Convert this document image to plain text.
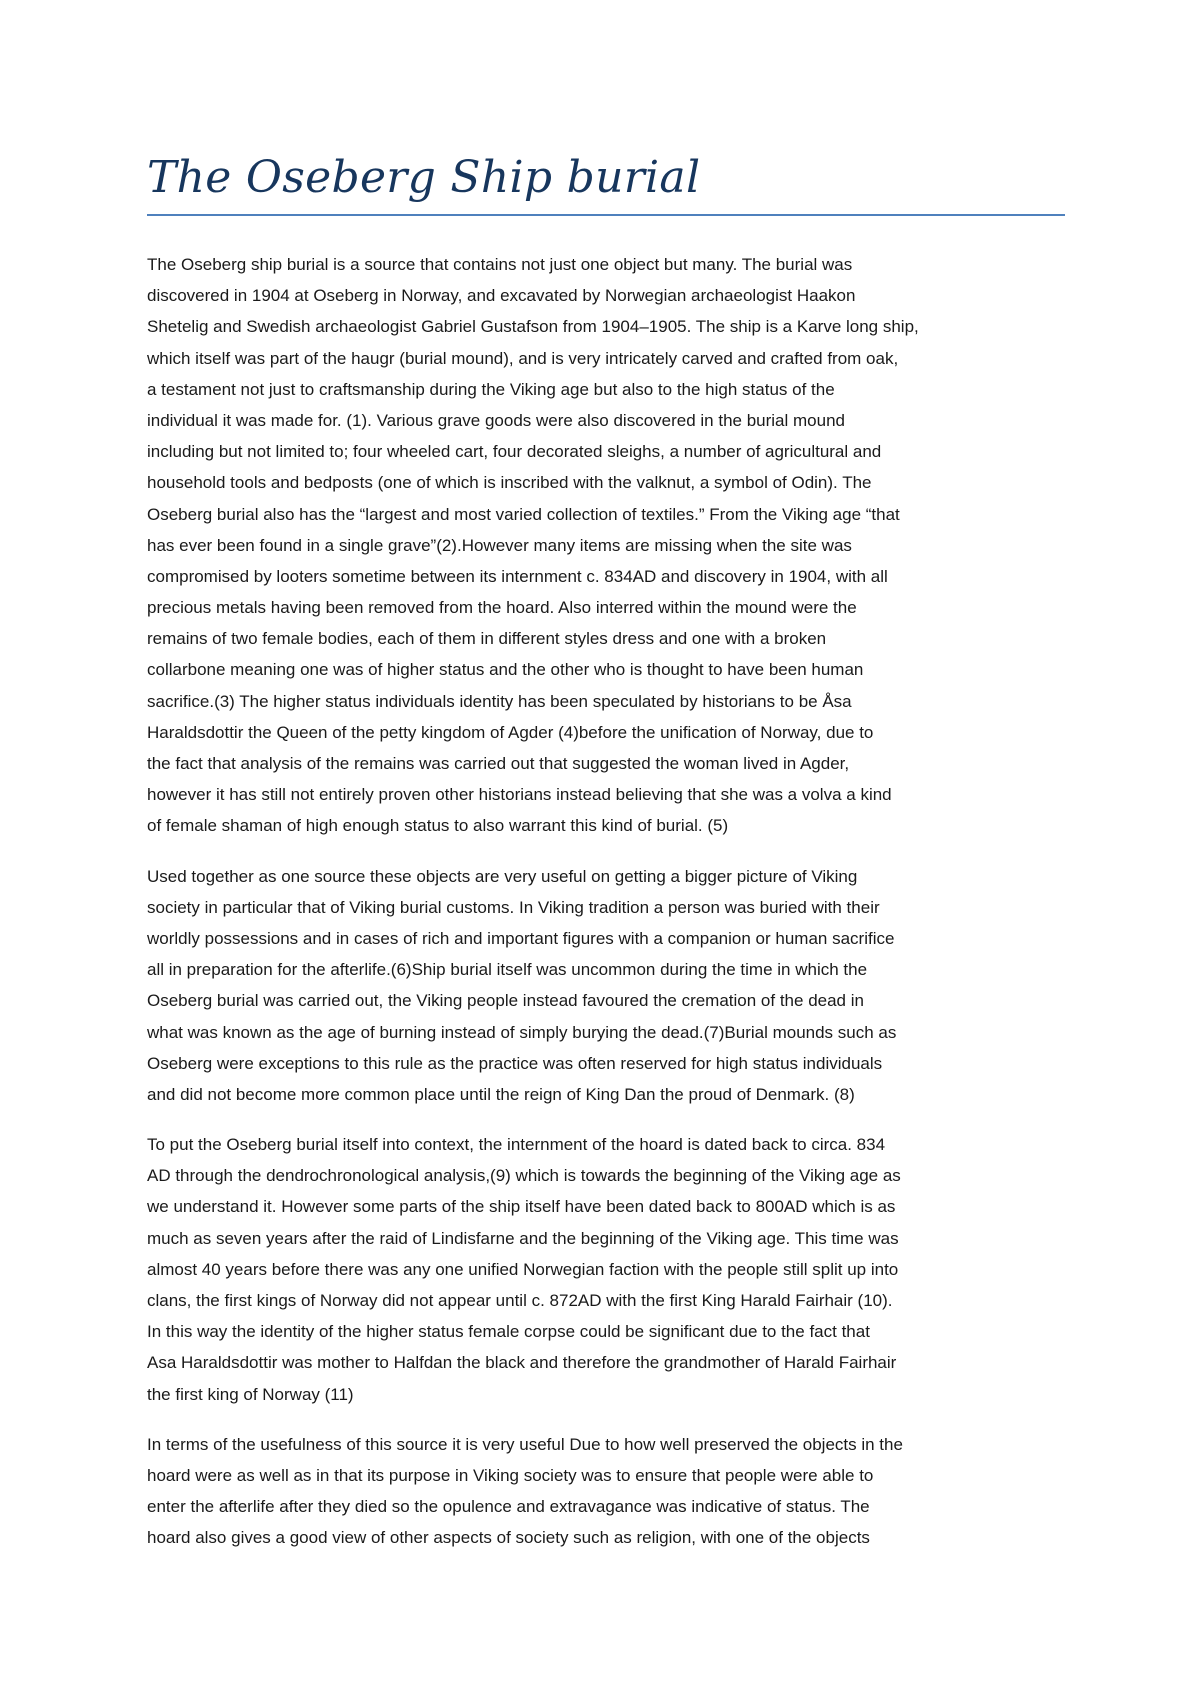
The Oseberg Ship burial
The Oseberg ship burial is a source that contains not just one object but many. The burial was
discovered in 1904 at Oseberg in Norway, and excavated by Norwegian archaeologist Haakon
Shetelig and Swedish archaeologist Gabriel Gustafson from 1904–1905. The ship is a Karve long ship,
which itself was part of the haugr (burial mound), and is very intricately carved and crafted from oak,
a testament not just to craftsmanship during the Viking age but also to the high status of the
individual it was made for. (1). Various grave goods were also discovered in the burial mound
including but not limited to; four wheeled cart, four decorated sleighs, a number of agricultural and
household tools and bedposts (one of which is inscribed with the valknut, a symbol of Odin). The
Oseberg burial also has the “largest and most varied collection of textiles.” From the Viking age “that
has ever been found in a single grave”(2).However many items are missing when the site was
compromised by looters sometime between its internment c. 834AD and discovery in 1904, with all
precious metals having been removed from the hoard. Also interred within the mound were the
remains of two female bodies, each of them in different styles dress and one with a broken
collarbone meaning one was of higher status and the other who is thought to have been human
sacrifice.(3) The higher status individuals identity has been speculated by historians to be Åsa
Haraldsdottir the Queen of the petty kingdom of Agder (4)before the unification of Norway, due to
the fact that analysis of the remains was carried out that suggested the woman lived in Agder,
however it has still not entirely proven other historians instead believing that she was a volva a kind
of female shaman of high enough status to also warrant this kind of burial. (5)
Used together as one source these objects are very useful on getting a bigger picture of Viking
society in particular that of Viking burial customs. In Viking tradition a person was buried with their
worldly possessions and in cases of rich and important figures with a companion or human sacrifice
all in preparation for the afterlife.(6)Ship burial itself was uncommon during the time in which the
Oseberg burial was carried out, the Viking people instead favoured the cremation of the dead in
what was known as the age of burning instead of simply burying the dead.(7)Burial mounds such as
Oseberg were exceptions to this rule as the practice was often reserved for high status individuals
and did not become more common place until the reign of King Dan the proud of Denmark. (8)
To put the Oseberg burial itself into context, the internment of the hoard is dated back to circa. 834
AD through the dendrochronological analysis,(9) which is towards the beginning of the Viking age as
we understand it. However some parts of the ship itself have been dated back to 800AD which is as
much as seven years after the raid of Lindisfarne and the beginning of the Viking age. This time was
almost 40 years before there was any one unified Norwegian faction with the people still split up into
clans, the first kings of Norway did not appear until c. 872AD with the first King Harald Fairhair (10).
In this way the identity of the higher status female corpse could be significant due to the fact that
Asa Haraldsdottir was mother to Halfdan the black and therefore the grandmother of Harald Fairhair
the first king of Norway (11)
In terms of the usefulness of this source it is very useful Due to how well preserved the objects in the
hoard were as well as in that its purpose in Viking society was to ensure that people were able to
enter the afterlife after they died so the opulence and extravagance was indicative of status. The
hoard also gives a good view of other aspects of society such as religion, with one of the objects
